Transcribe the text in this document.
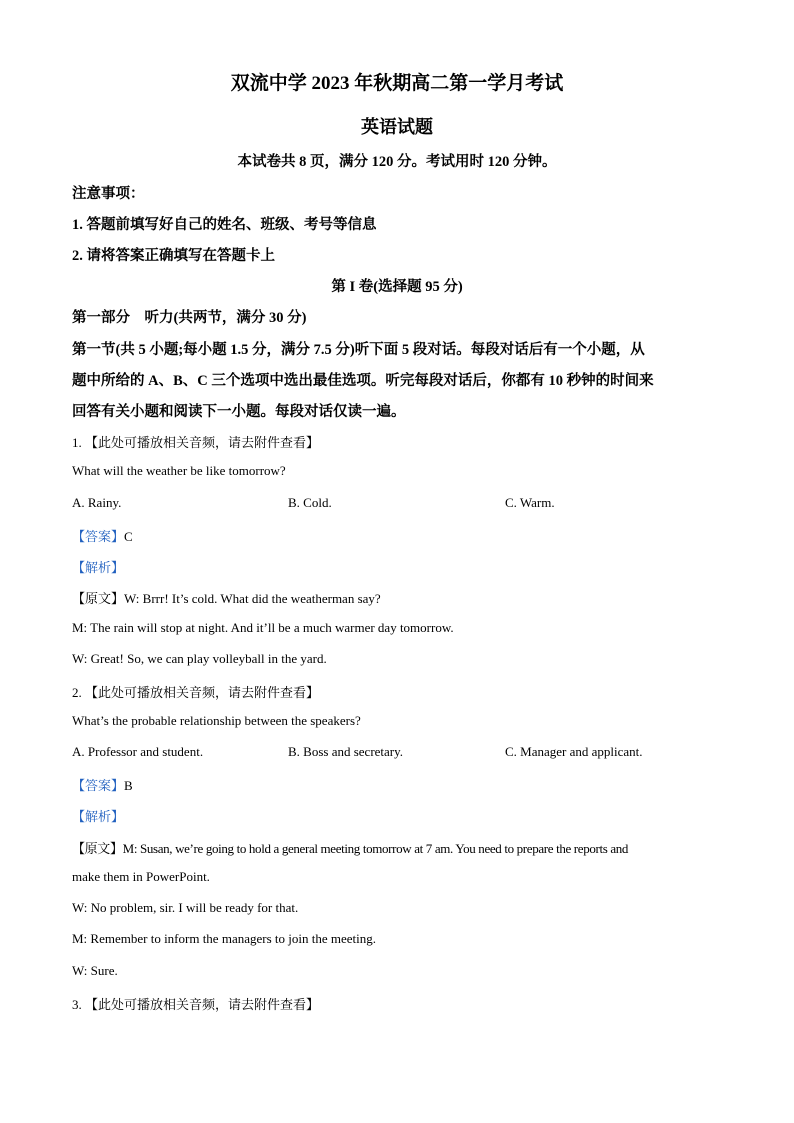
双流中学 2023 年秋期高二第一学月考试
英语试题
本试卷共 8 页，满分 120 分。考试用时 120 分钟。
注意事项：
1. 答题前填写好自己的姓名、班级、考号等信息
2. 请将答案正确填写在答题卡上
第 I 卷(选择题 95 分)
第一部分　听力(共两节，满分 30 分)
第一节(共 5 小题;每小题 1.5 分，满分 7.5 分)听下面 5 段对话。每段对话后有一个小题，从
题中所给的 A、B、C 三个选项中选出最佳选项。听完每段对话后，你都有 10 秒钟的时间来
回答有关小题和阅读下一小题。每段对话仅读一遍。
1. 【此处可播放相关音频，请去附件查看】
What will the weather be like tomorrow?
A. Rainy.	B. Cold.	C. Warm.
【答案】C
【解析】
【原文】W: Brrr! It’s cold. What did the weatherman say?
M: The rain will stop at night. And it’ll be a much warmer day tomorrow.
W: Great! So, we can play volleyball in the yard.
2. 【此处可播放相关音频，请去附件查看】
What’s the probable relationship between the speakers?
A. Professor and student.	B. Boss and secretary.	C. Manager and applicant.
【答案】B
【解析】
【原文】M: Susan, we’re going to hold a general meeting tomorrow at 7 am. You need to prepare the reports and
make them in PowerPoint.
W: No problem, sir. I will be ready for that.
M: Remember to inform the managers to join the meeting.
W: Sure.
3. 【此处可播放相关音频，请去附件查看】
